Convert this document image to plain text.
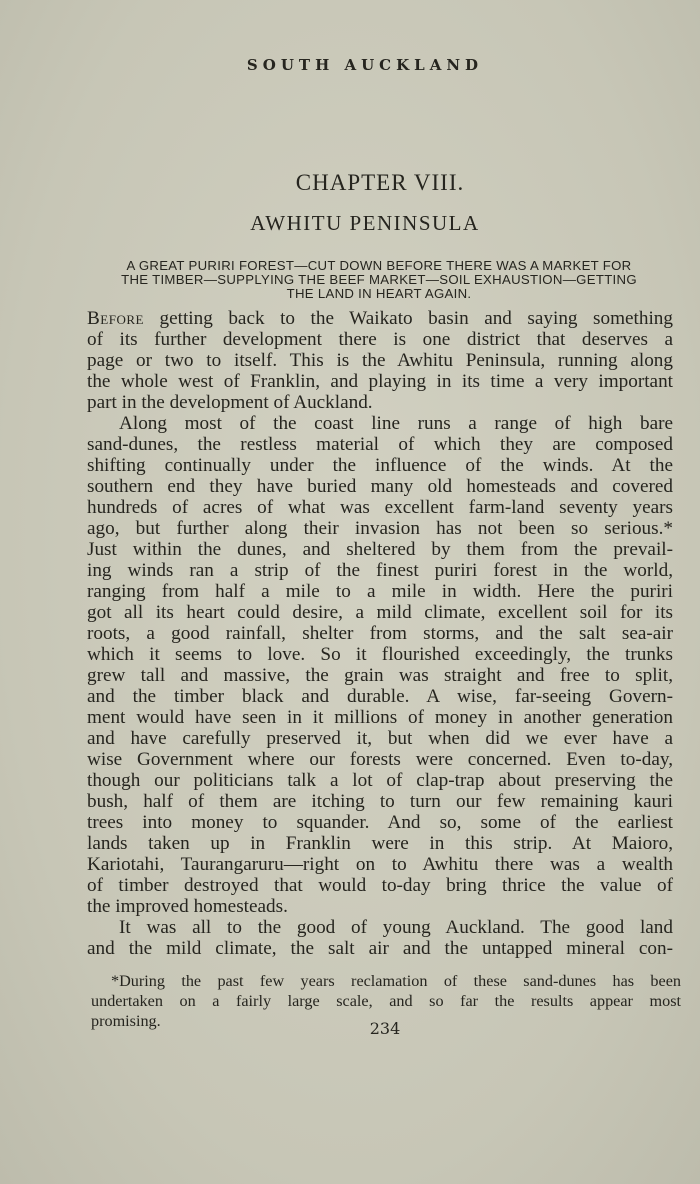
SOUTH AUCKLAND
CHAPTER VIII.
AWHITU PENINSULA
A GREAT PURIRI FOREST—CUT DOWN BEFORE THERE WAS A MARKET FOR
THE TIMBER—SUPPLYING THE BEEF MARKET—SOIL EXHAUSTION—GETTING
THE LAND IN HEART AGAIN.
Before getting back to the Waikato basin and saying something
of its further development there is one district that deserves a
page or two to itself. This is the Awhitu Peninsula, running along
the whole west of Franklin, and playing in its time a very important
part in the development of Auckland.
Along most of the coast line runs a range of high bare
sand-dunes, the restless material of which they are composed
shifting continually under the influence of the winds. At the
southern end they have buried many old homesteads and covered
hundreds of acres of what was excellent farm-land seventy years
ago, but further along their invasion has not been so serious.*
Just within the dunes, and sheltered by them from the prevail-
ing winds ran a strip of the finest puriri forest in the world,
ranging from half a mile to a mile in width. Here the puriri
got all its heart could desire, a mild climate, excellent soil for its
roots, a good rainfall, shelter from storms, and the salt sea-air
which it seems to love. So it flourished exceedingly, the trunks
grew tall and massive, the grain was straight and free to split,
and the timber black and durable. A wise, far-seeing Govern-
ment would have seen in it millions of money in another generation
and have carefully preserved it, but when did we ever have a
wise Government where our forests were concerned. Even to-day,
though our politicians talk a lot of clap-trap about preserving the
bush, half of them are itching to turn our few remaining kauri
trees into money to squander. And so, some of the earliest
lands taken up in Franklin were in this strip. At Maioro,
Kariotahi, Taurangaruru—right on to Awhitu there was a wealth
of timber destroyed that would to-day bring thrice the value of
the improved homesteads.
It was all to the good of young Auckland. The good land
and the mild climate, the salt air and the untapped mineral con-
*During the past few years reclamation of these sand-dunes has been
undertaken on a fairly large scale, and so far the results appear most
promising.	234
